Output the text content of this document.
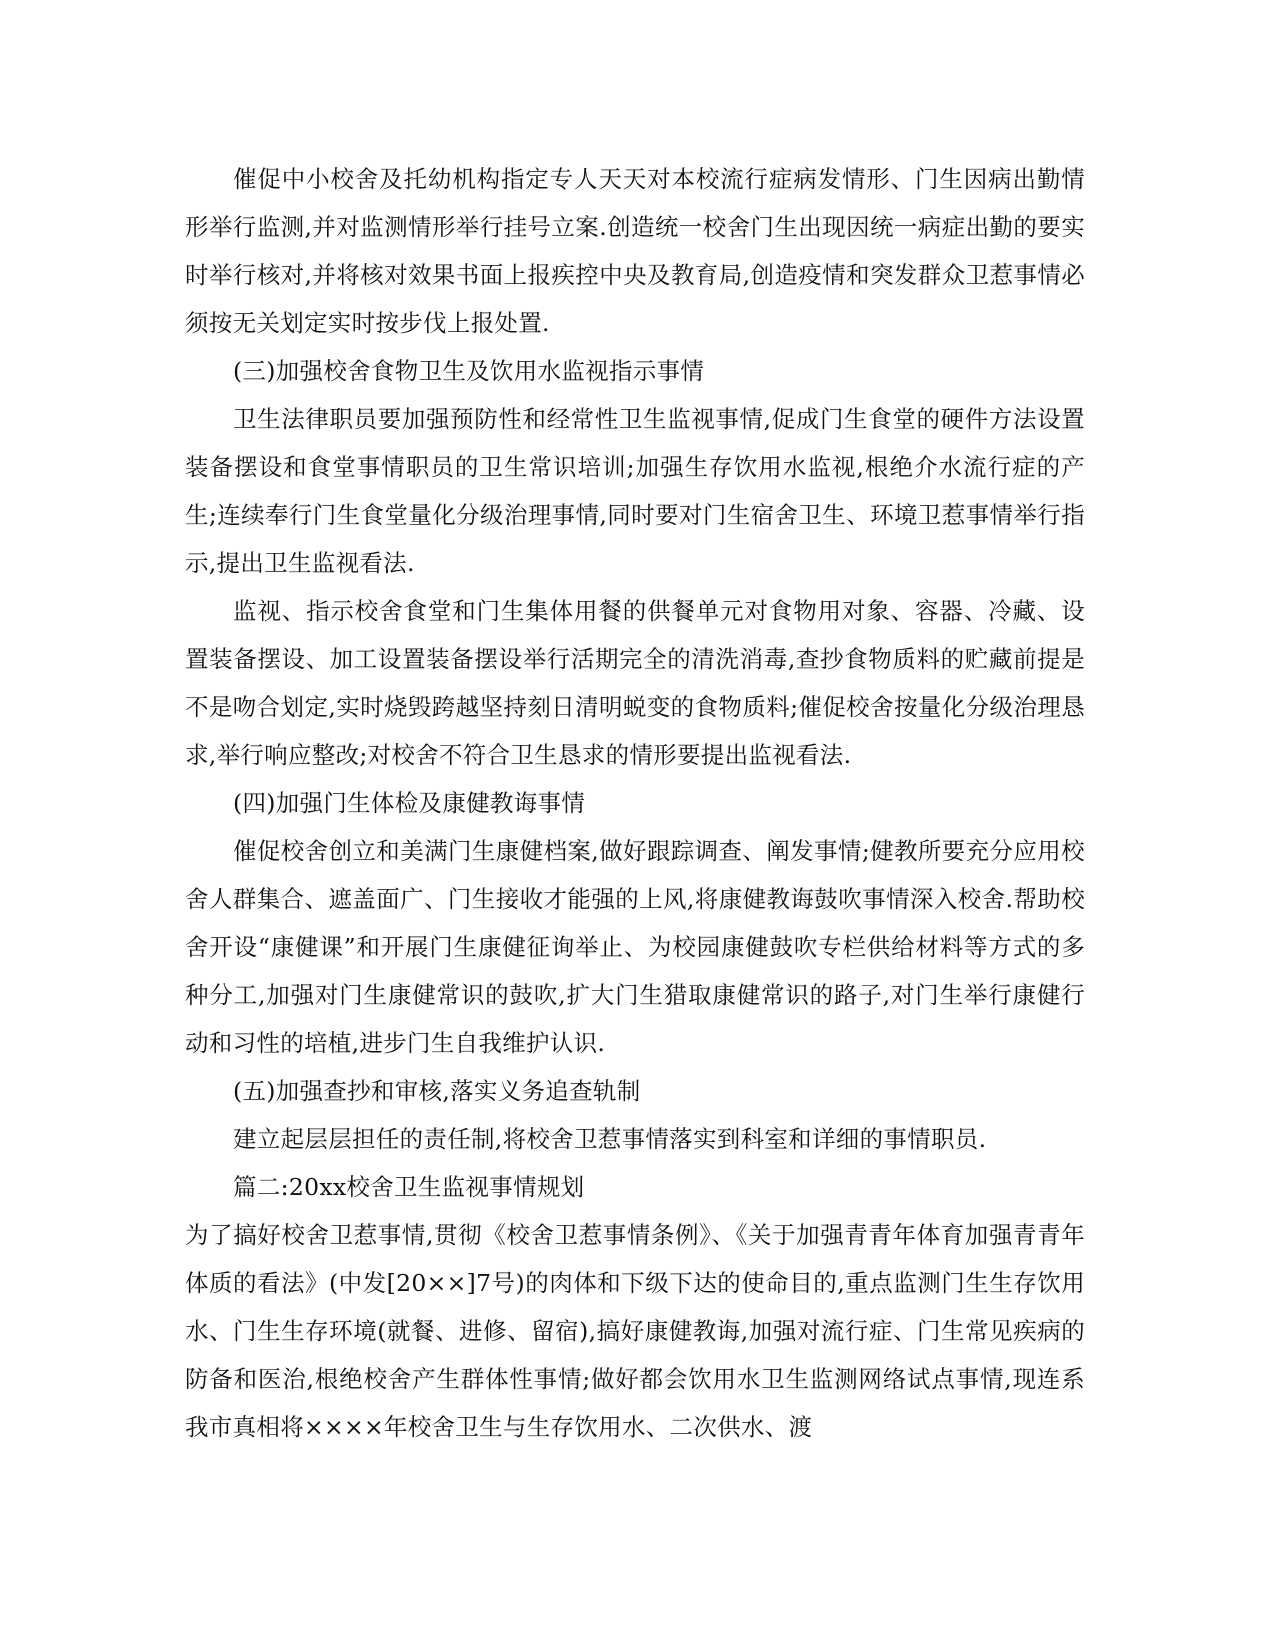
催促中小校舍及托幼机构指定专人天天对本校流行症病发情形、门生因病出勤情形举行监测,并对监测情形举行挂号立案.创造统一校舍门生出现因统一病症出勤的要实时举行核对,并将核对效果书面上报疾控中央及教育局,创造疫情和突发群众卫惹事情必须按无关划定实时按步伐上报处置.

(三)加强校舍食物卫生及饮用水监视指示事情

卫生法律职员要加强预防性和经常性卫生监视事情,促成门生食堂的硬件方法设置装备摆设和食堂事情职员的卫生常识培训;加强生存饮用水监视,根绝介水流行症的产生;连续奉行门生食堂量化分级治理事情,同时要对门生宿舍卫生、环境卫惹事情举行指示,提出卫生监视看法.

监视、指示校舍食堂和门生集体用餐的供餐单元对食物用对象、容器、冷藏、设置装备摆设、加工设置装备摆设举行活期完全的清洗消毒,查抄食物质料的贮藏前提是不是吻合划定,实时烧毁跨越坚持刻日清明蜕变的食物质料;催促校舍按量化分级治理恳求,举行响应整改;对校舍不符合卫生恳求的情形要提出监视看法.

(四)加强门生体检及康健教诲事情

催促校舍创立和美满门生康健档案,做好跟踪调查、阐发事情;健教所要充分应用校舍人群集合、遮盖面广、门生接收才能强的上风,将康健教诲鼓吹事情深入校舍.帮助校舍开设“康健课”和开展门生康健征询举止、为校园康健鼓吹专栏供给材料等方式的多种分工,加强对门生康健常识的鼓吹,扩大门生猎取康健常识的路子,对门生举行康健行动和习性的培植,进步门生自我维护认识.

(五)加强查抄和审核,落实义务追查轨制

建立起层层担任的责任制,将校舍卫惹事情落实到科室和详细的事情职员.

篇二:20xx校舍卫生监视事情规划

为了搞好校舍卫惹事情,贯彻《校舍卫惹事情条例》、《关于加强青青年体育加强青青年体质的看法》(中发[20××]7号)的肉体和下级下达的使命目的,重点监测门生生存饮用水、门生生存环境(就餐、进修、留宿),搞好康健教诲,加强对流行症、门生常见疾病的防备和医治,根绝校舍产生群体性事情;做好都会饮用水卫生监测网络试点事情,现连系我市真相将××××年校舍卫生与生存饮用水、二次供水、渡
